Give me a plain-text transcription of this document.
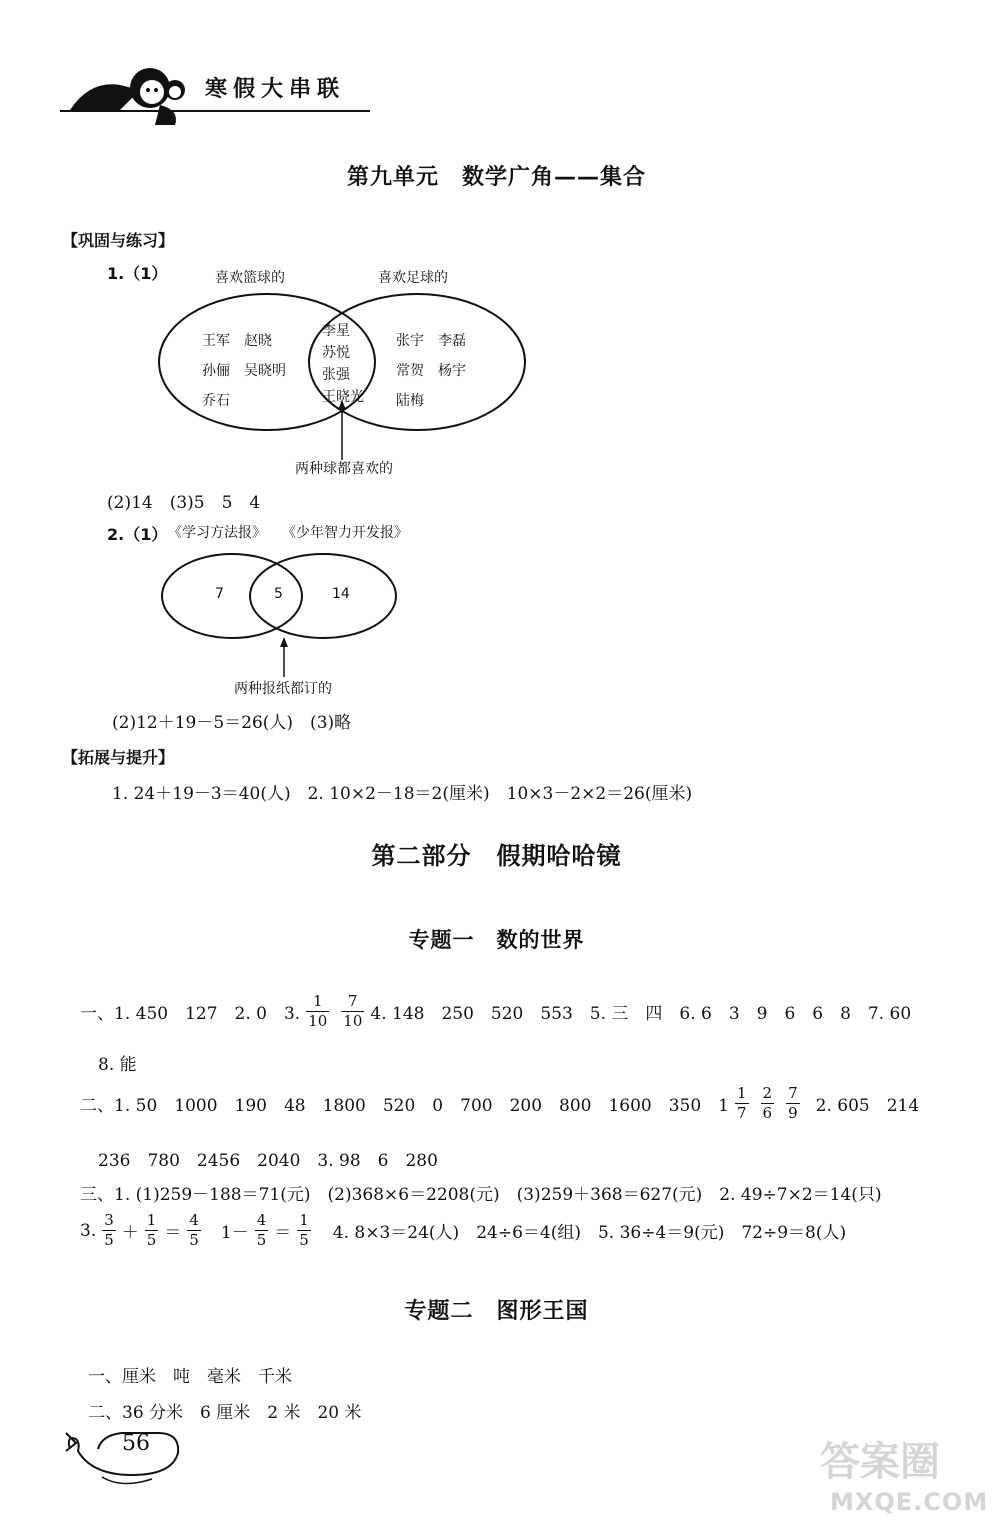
寒假大串联
第九单元　数学广角——集合
【巩固与练习】
1.（1）	喜欢篮球的	喜欢足球的
王军　赵晓
孙俪　吴晓明
乔石
李星
苏悦
张强
王晓光
张宇　李磊
常贺　杨宇
陆梅
两种球都喜欢的
(2)14　(3)5　5　4
2.（1） 《学习方法报》 《少年智力开发报》
7	5	14
两种报纸都订的
(2)12＋19－5＝26(人)　(3)略
【拓展与提升】
1. 24＋19－3＝40(人)　2. 10×2－18＝2(厘米)　10×3－2×2＝26(厘米)
第二部分　假期哈哈镜
专题一　数的世界
一、1. 450　127　2. 0　3. $\frac{1}{10} \frac{7}{10} 4$. 148　250　520　553　5. 三　四　6. 6　3　9　6　6　8　7. 60
8. 能
二、1. 50　1000　190　48　1800　520　0　700　200　800　1600　350　$1 \frac{1}{7} \frac{2}{6} \frac{7}{9} 2$. 605　214
236　780　2456　2040　3. 98　6　280
三、1. (1)259－188＝71(元)　(2)368×6＝2208(元)　(3)259＋368＝627(元)　2. 49÷7×2＝14(只)
3. $\frac{3}{5} + \frac{1}{5} = \frac{4}{5} 1- \frac{4}{5} = \frac{1}{5} 4$. 8×3＝24(人)　24÷6＝4(组)　5. 36÷4＝9(元)　72÷9＝8(人)
专题二　图形王国
一、厘米　吨　毫米　千米
二、36 分米　6 厘米　2 米　20 米
56	答案圈
MXQE.COM
